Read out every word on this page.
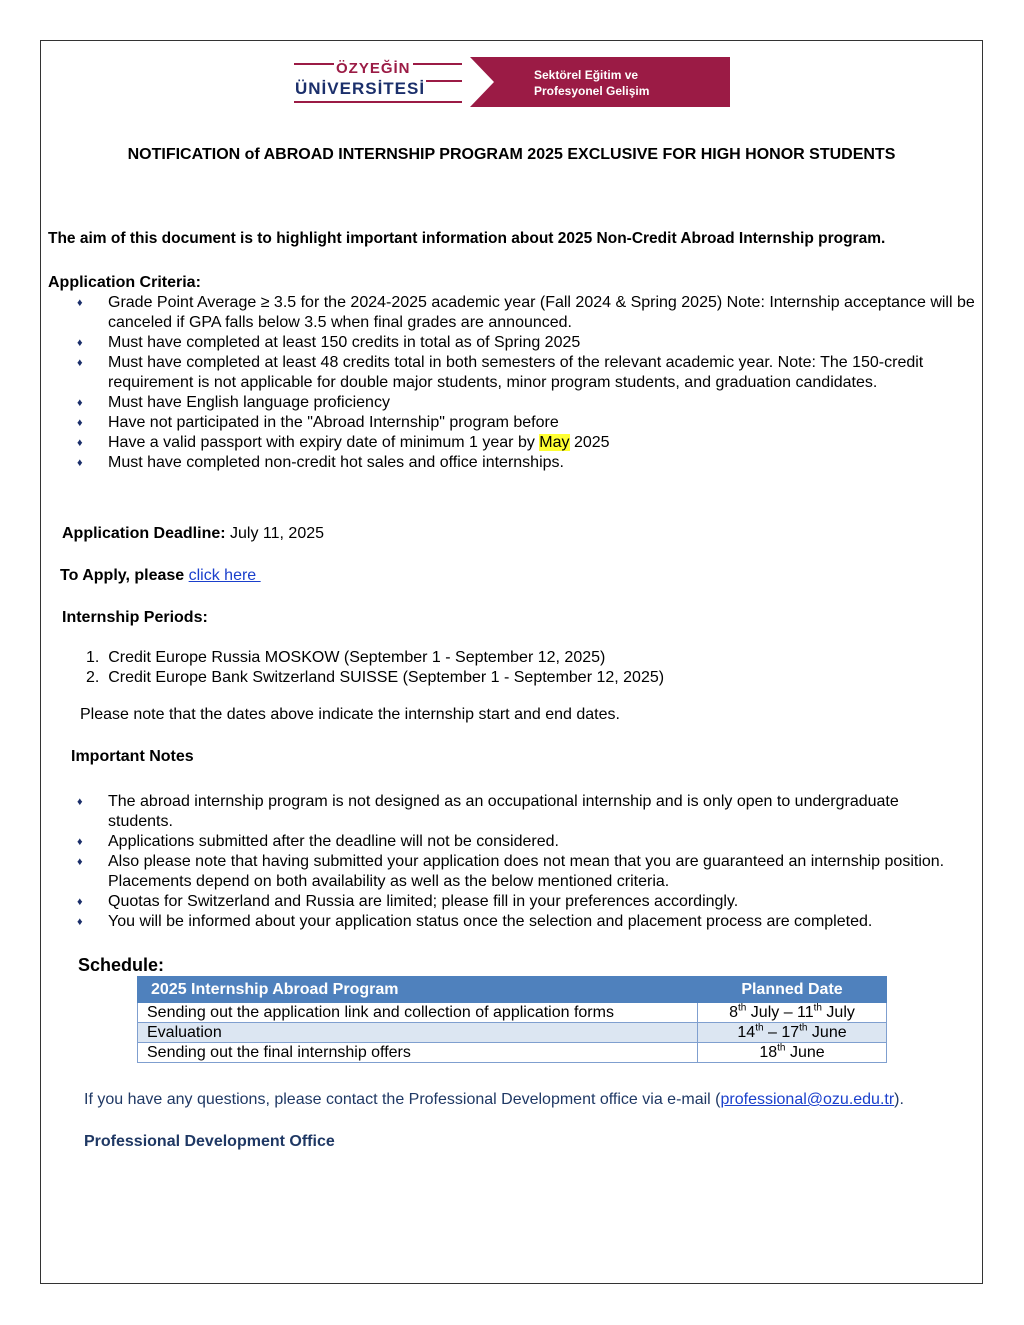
ÖZYEĞİN
ÜNİVERSİTESİ
Sektörel Eğitim ve
Profesyonel Gelişim
NOTIFICATION of ABROAD INTERNSHIP PROGRAM 2025 EXCLUSIVE FOR HIGH HONOR STUDENTS
The aim of this document is to highlight important information about 2025 Non-Credit Abroad Internship program.
Application Criteria:
♦	Grade Point Average ≥ 3.5 for the 2024-2025 academic year (Fall 2024 & Spring 2025) Note: Internship acceptance will be canceled if GPA falls below 3.5 when final grades are announced.
♦	Must have completed at least 150 credits in total as of Spring 2025
♦	Must have completed at least 48 credits total in both semesters of the relevant academic year. Note: The 150-credit requirement is not applicable for double major students, minor program students, and graduation candidates.
♦	Must have English language proficiency
♦	Have not participated in the "Abroad Internship" program before
♦	Have a valid passport with expiry date of minimum 1 year by May 2025
♦	Must have completed non-credit hot sales and office internships.
Application Deadline: July 11, 2025
To Apply, please click here
Internship Periods:
1.  Credit Europe Russia MOSKOW (September 1 - September 12, 2025)
2.  Credit Europe Bank Switzerland SUISSE (September 1 - September 12, 2025)
Please note that the dates above indicate the internship start and end dates.
Important Notes
♦	The abroad internship program is not designed as an occupational internship and is only open to undergraduate students.
♦	Applications submitted after the deadline will not be considered.
♦	Also please note that having submitted your application does not mean that you are guaranteed an internship position. Placements depend on both availability as well as the below mentioned criteria.
♦	Quotas for Switzerland and Russia are limited; please fill in your preferences accordingly.
♦	You will be informed about your application status once the selection and placement process are completed.
Schedule:
2025 Internship Abroad Program	Planned Date
Sending out the application link and collection of application forms	8th July – 11th July
Evaluation	14th – 17th June
Sending out the final internship offers	18th June
If you have any questions, please contact the Professional Development office via e-mail (professional@ozu.edu.tr).
Professional Development Office
